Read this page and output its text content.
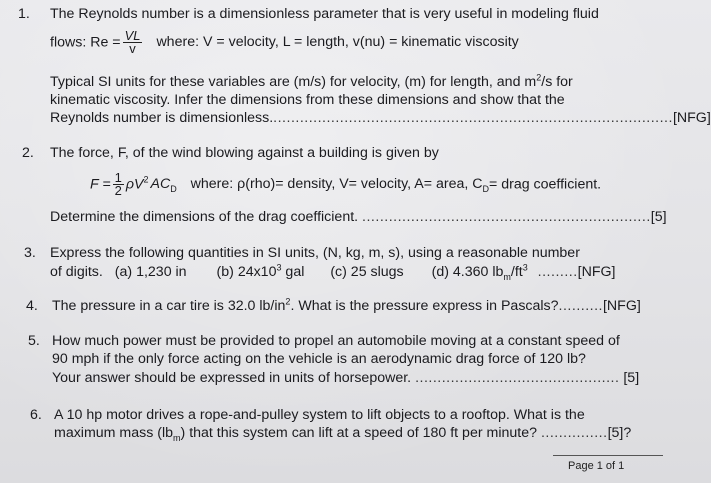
1. The Reynolds number is a dimensionless parameter that is very useful in modeling fluid
flows: $Re = \frac{VL}{v}$ where: V = velocity, L = length, v(nu) = kinematic viscosity
Typical SI units for these variables are (m/s) for velocity, (m) for length, and $m^2/s$ for
kinematic viscosity. Infer the dimensions from these dimensions and show that the
Reynolds number is dimensionless...........................................................................................[NFG]
2. The force, F, of the wind blowing against a building is given by
$F = \frac{1}{2} \rho V^2$ $AC_D$ where: ρ(rho)= density, V= velocity, A= area, $C_D=$ drag coefficient.
Determine the dimensions of the drag coefficient. .................................................................[5]
3. Express the following quantities in SI units, (N, kg, m, s), using a reasonable number
of digits. (a) 1,230 in (b) $24x10^3$ gal (c) 25 slugs (d) 4.360 $lb_m/ft^3$ .........[NFG]
4. The pressure in a car tire is 32.0 $lb/in^2$. What is the pressure express in Pascals?..........[NFG]
5. How much power must be provided to propel an automobile moving at a constant speed of
90 mph if the only force acting on the vehicle is an aerodynamic drag force of 120 lb?
Your answer should be expressed in units of horsepower. .............................................. [5]
6. A 10 hp motor drives a rope-and-pulley system to lift objects to a rooftop. What is the
maximum mass $(lb_m)$ that this system can lift at a speed of 180 ft per minute? ...............[5]?
Page 1 of 1
